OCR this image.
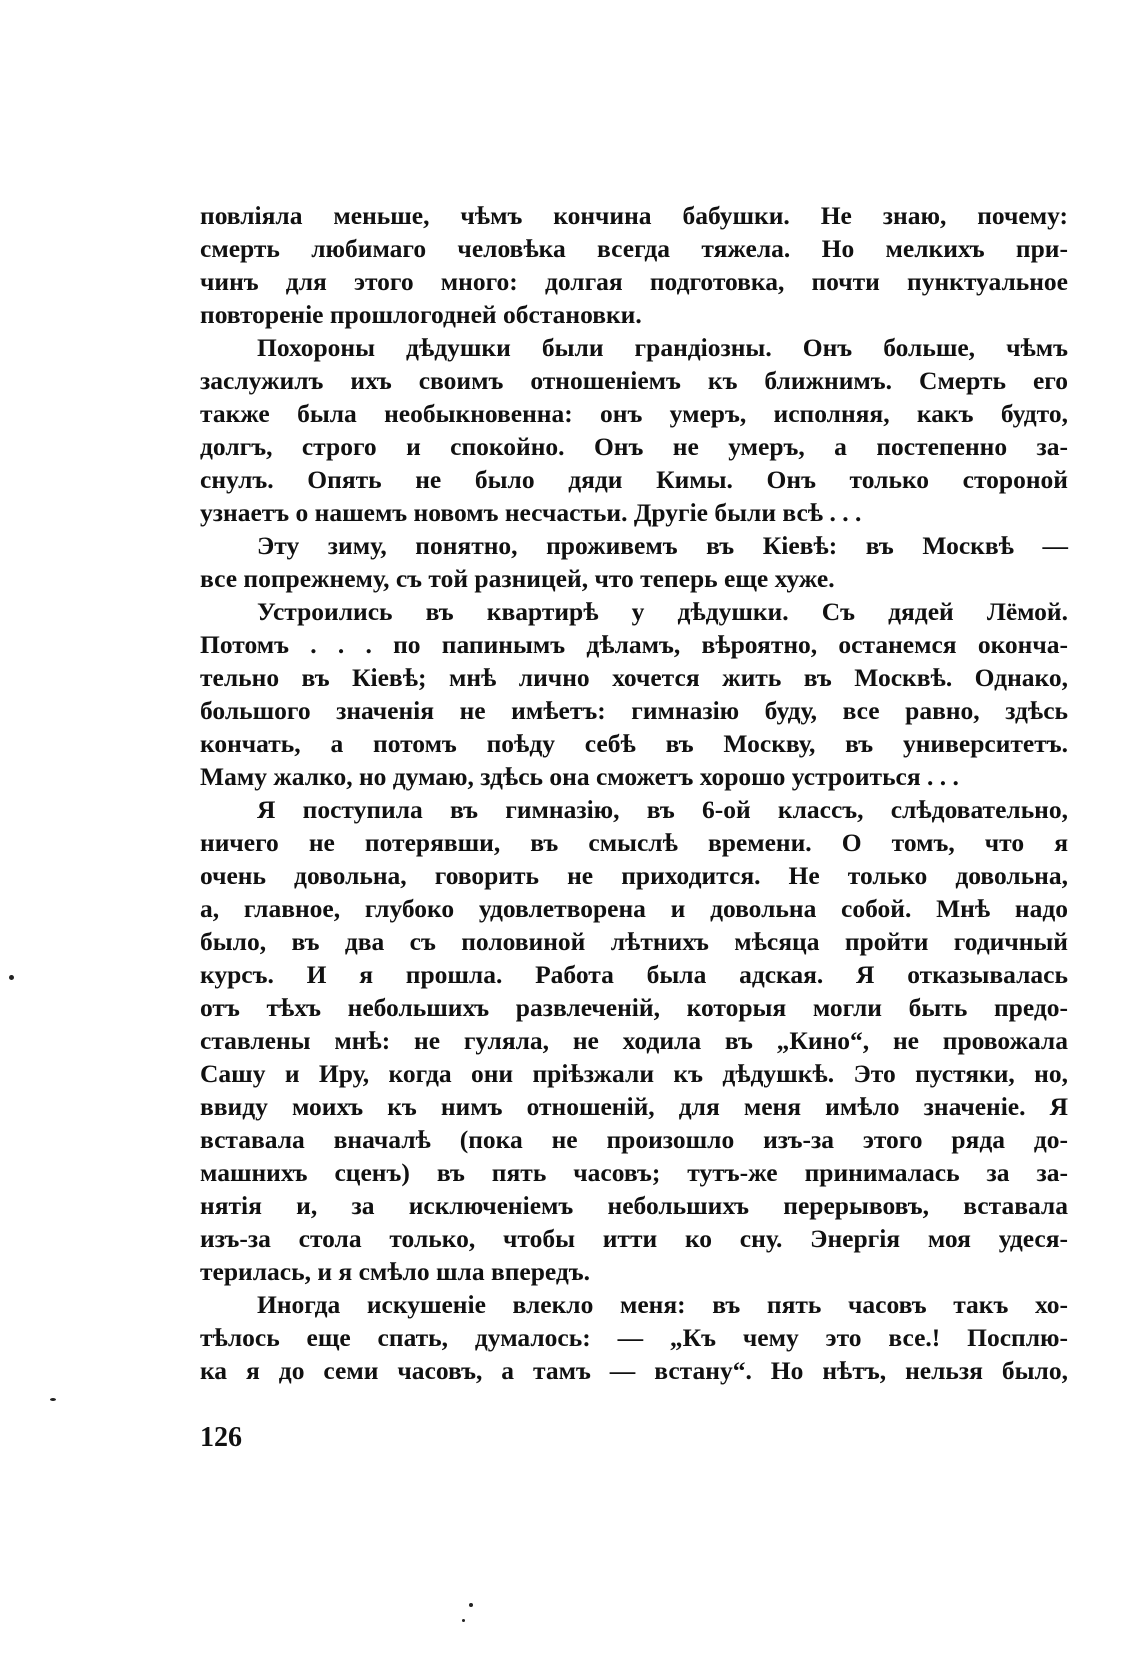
повліяла меньше, чѣмъ кончина бабушки. Не знаю, почему:
смерть любимаго человѣка всегда тяжела. Но мелкихъ при-
чинъ для этого много: долгая подготовка, почти пунктуальное
повтореніе прошлогодней обстановки.
Похороны дѣдушки были грандіозны. Онъ больше, чѣмъ
заслужилъ ихъ своимъ отношеніемъ къ ближнимъ. Смерть его
также была необыкновенна: онъ умеръ, исполняя, какъ будто,
долгъ, строго и спокойно. Онъ не умеръ, а постепенно за-
снулъ. Опять не было дяди Кимы. Онъ только стороной
узнаетъ о нашемъ новомъ несчастьи. Другіе были всѣ . . .
Эту зиму, понятно, проживемъ въ Кіевѣ: въ Москвѣ —
все попрежнему, съ той разницей, что теперь еще хуже.
Устроились въ квартирѣ у дѣдушки. Съ дядей Лёмой.
Потомъ . . . по папинымъ дѣламъ, вѣроятно, останемся оконча-
тельно въ Кіевѣ; мнѣ лично хочется жить въ Москвѣ. Однако,
большого значенія не имѣетъ: гимназію буду, все равно, здѣсь
кончать, а потомъ поѣду себѣ въ Москву, въ университетъ.
Маму жалко, но думаю, здѣсь она сможетъ хорошо устроиться . . .
Я поступила въ гимназію, въ 6-ой классъ, слѣдовательно,
ничего не потерявши, въ смыслѣ времени. О томъ, что я
очень довольна, говорить не приходится. Не только довольна,
а, главное, глубоко удовлетворена и довольна собой. Мнѣ надо
было, въ два съ половиной лѣтнихъ мѣсяца пройти годичный
курсъ. И я прошла. Работа была адская. Я отказывалась
отъ тѣхъ небольшихъ развлеченій, которыя могли быть предо-
ставлены мнѣ: не гуляла, не ходила въ „Кино“, не провожала
Сашу и Иру, когда они пріѣзжали къ дѣдушкѣ. Это пустяки, но,
ввиду моихъ къ нимъ отношеній, для меня имѣло значеніе. Я
вставала вначалѣ (пока не произошло изъ-за этого ряда до-
машнихъ сценъ) въ пять часовъ; тутъ-же принималась за за-
нятія и, за исключеніемъ небольшихъ перерывовъ, вставала
изъ-за стола только, чтобы итти ко сну. Энергія моя удеся-
терилась, и я смѣло шла впередъ.
Иногда искушеніе влекло меня: въ пять часовъ такъ хо-
тѣлось еще спать, думалось: — „Къ чему это все.! Посплю-
ка я до семи часовъ, а тамъ — встану“. Но нѣтъ, нельзя было,
126
